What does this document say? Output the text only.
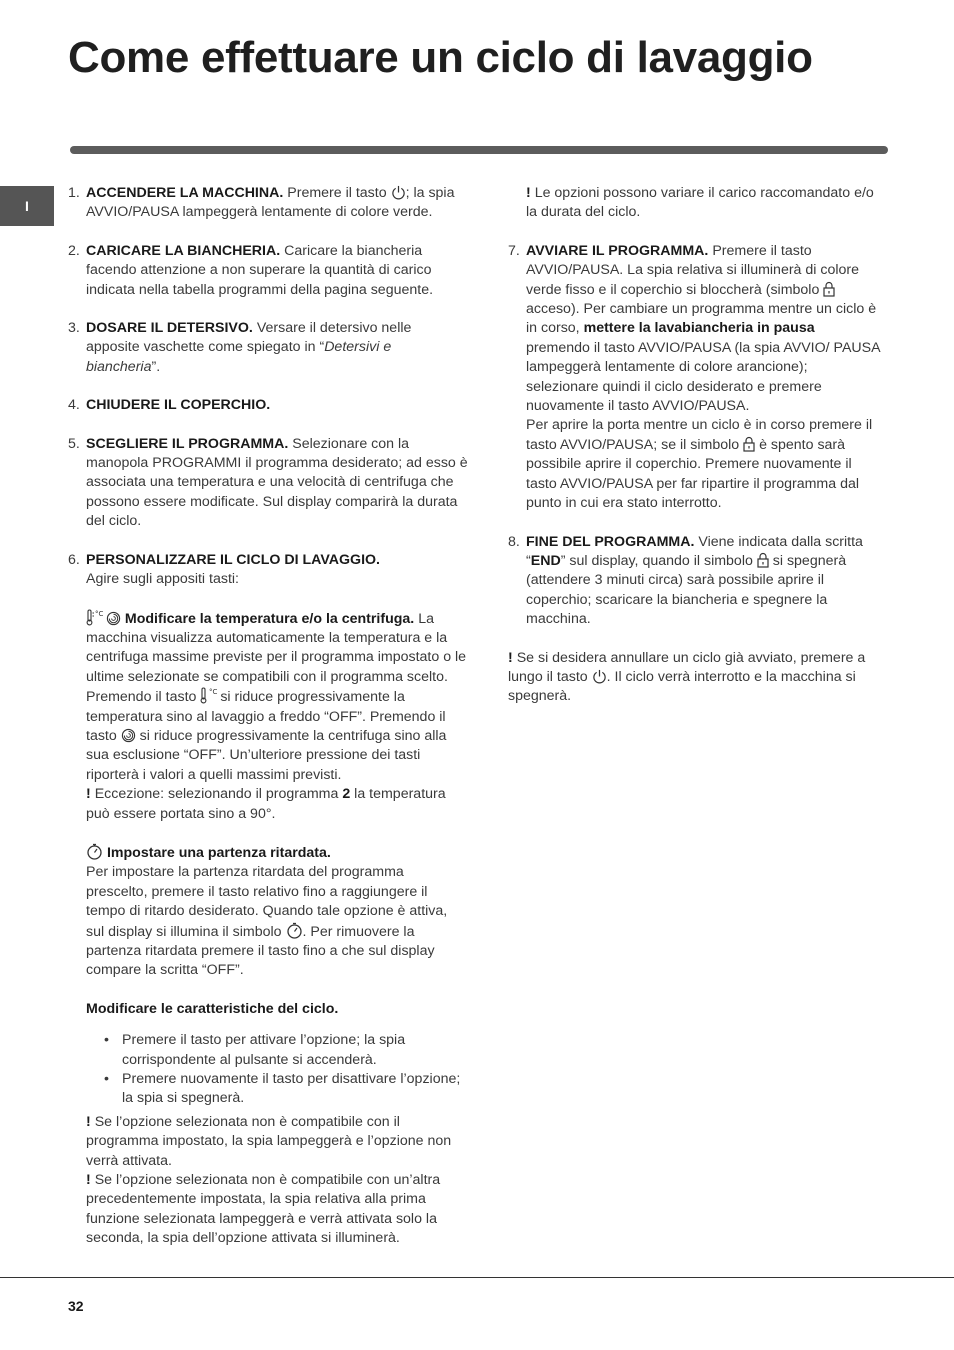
Come effettuare un ciclo di lavaggio
I
1. ACCENDERE LA MACCHINA. Premere il tasto ; la spia AVVIO/PAUSA lampeggerà lentamente di colore verde.
2. CARICARE LA BIANCHERIA. Caricare la biancheria facendo attenzione a non superare la quantità di carico indicata nella tabella programmi della pagina seguente.
3. DOSARE IL DETERSIVO. Versare il detersivo nelle apposite vaschette come spiegato in “Detersivi e biancheria”.
4. CHIUDERE IL COPERCHIO.
5. SCEGLIERE IL PROGRAMMA. Selezionare con la manopola PROGRAMMI il programma desiderato; ad esso è associata una temperatura e una velocità di centrifuga che possono essere modificate. Sul display comparirà la durata del ciclo.
6. PERSONALIZZARE IL CICLO DI LAVAGGIO.
Agire sugli appositi tasti:
°C
Modificare la temperatura e/o la centrifuga. La macchina visualizza automaticamente la temperatura e la centrifuga massime previste per il programma impostato o le ultime selezionate se compatibili con il programma scelto. Premendo il tasto °C si riduce progressivamente la temperatura sino al lavaggio a freddo “OFF”. Premendo il tasto si riduce progressivamente la centrifuga sino alla sua esclusione “OFF”. Un’ulteriore pressione dei tasti riporterà i valori a quelli massimi previsti.
! Eccezione: selezionando il programma 2 la temperatura può essere portata sino a 90°.
Impostare una partenza ritardata.
Per impostare la partenza ritardata del programma prescelto, premere il tasto relativo fino a raggiungere il tempo di ritardo desiderato. Quando tale opzione è attiva, sul display si illumina il simbolo . Per rimuovere la partenza ritardata premere il tasto fino a che sul display compare la scritta “OFF”.

Modificare le caratteristiche del ciclo.

• Premere il tasto per attivare l’opzione; la spia corrispondente al pulsante si accenderà.
• Premere nuovamente il tasto per disattivare l’opzione; la spia si spegnerà.

! Se l’opzione selezionata non è compatibile con il programma impostato, la spia lampeggerà e l’opzione non verrà attivata.

! Se l’opzione selezionata non è compatibile con un’altra precedentemente impostata, la spia relativa alla prima funzione selezionata lampeggerà e verrà attivata solo la seconda, la spia dell’opzione attivata si illuminerà.

! Le opzioni possono variare il carico raccomandato e/o la durata del ciclo.

7. AVVIARE IL PROGRAMMA. Premere il tasto AVVIO/PAUSA. La spia relativa si illuminerà di colore verde fisso e il coperchio si bloccherà (simbolo
acceso). Per cambiare un programma mentre un ciclo è in corso, mettere la lavabiancheria in pausa premendo il tasto AVVIO/PAUSA (la spia AVVIO/ PAUSA lampeggerà lentamente di colore arancione); selezionare quindi il ciclo desiderato e premere nuovamente il tasto AVVIO/PAUSA.
Per aprire la porta mentre un ciclo è in corso premere il tasto AVVIO/PAUSA; se il simbolo è spento sarà possibile aprire il coperchio. Premere nuovamente il tasto AVVIO/PAUSA per far ripartire il programma dal punto in cui era stato interrotto.
8. FINE DEL PROGRAMMA. Viene indicata dalla scritta “END” sul display, quando il simbolo si spegnerà (attendere 3 minuti circa) sarà possibile aprire il coperchio; scaricare la biancheria e spegnere la macchina.

! Se si desidera annullare un ciclo già avviato, premere a lungo il tasto . Il ciclo verrà interrotto e la macchina si spegnerà.

32
